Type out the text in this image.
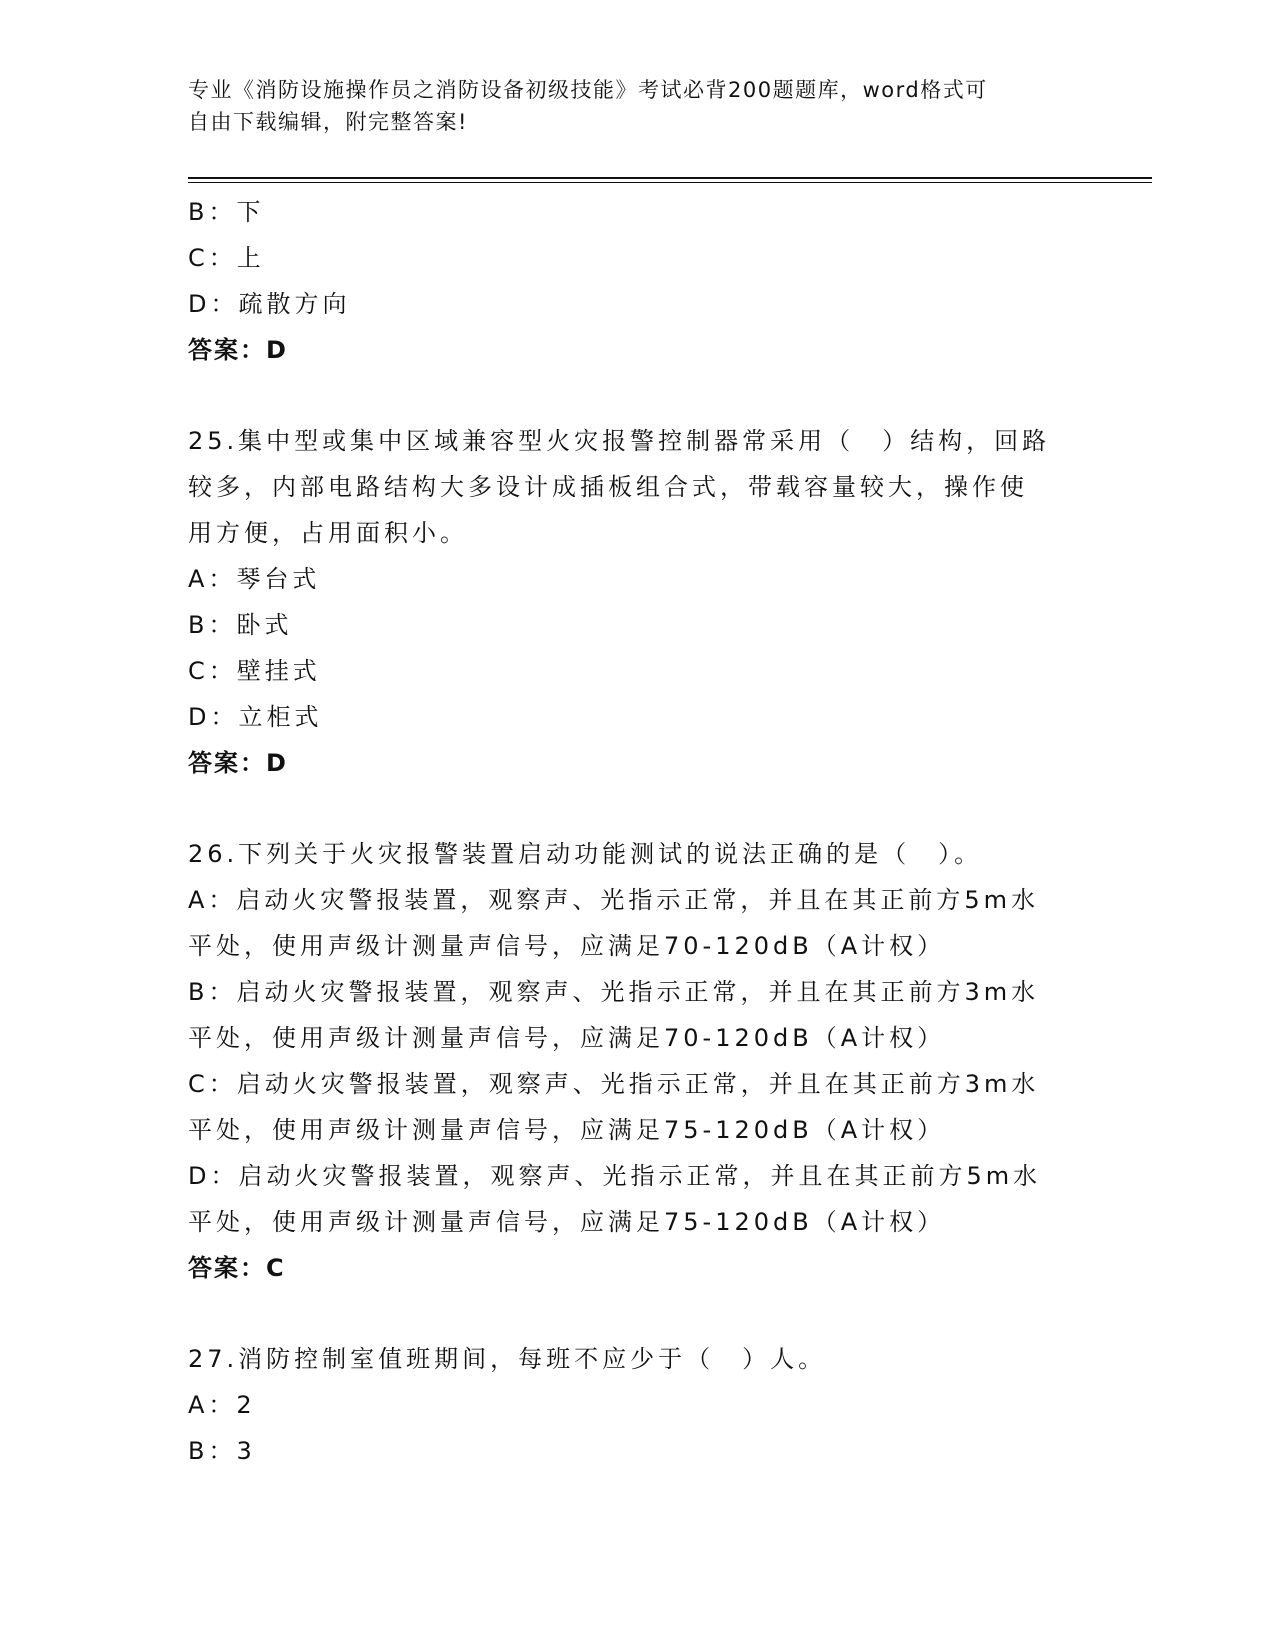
专业《消防设施操作员之消防设备初级技能》考试必背200题题库，word格式可
自由下载编辑，附完整答案!
B：下
C：上
D：疏散方向
答案：D
25.集中型或集中区域兼容型火灾报警控制器常采用（　）结构，回路
较多，内部电路结构大多设计成插板组合式，带载容量较大，操作使
用方便，占用面积小。
A：琴台式
B：卧式
C：壁挂式
D：立柜式
答案：D
26.下列关于火灾报警装置启动功能测试的说法正确的是（　）。
A：启动火灾警报装置，观察声、光指示正常，并且在其正前方5m水
平处，使用声级计测量声信号，应满足70-120dB（A计权）
B：启动火灾警报装置，观察声、光指示正常，并且在其正前方3m水
平处，使用声级计测量声信号，应满足70-120dB（A计权）
C：启动火灾警报装置，观察声、光指示正常，并且在其正前方3m水
平处，使用声级计测量声信号，应满足75-120dB（A计权）
D：启动火灾警报装置，观察声、光指示正常，并且在其正前方5m水
平处，使用声级计测量声信号，应满足75-120dB（A计权）
答案：C
27.消防控制室值班期间，每班不应少于（　）人。
A：2
B：3
